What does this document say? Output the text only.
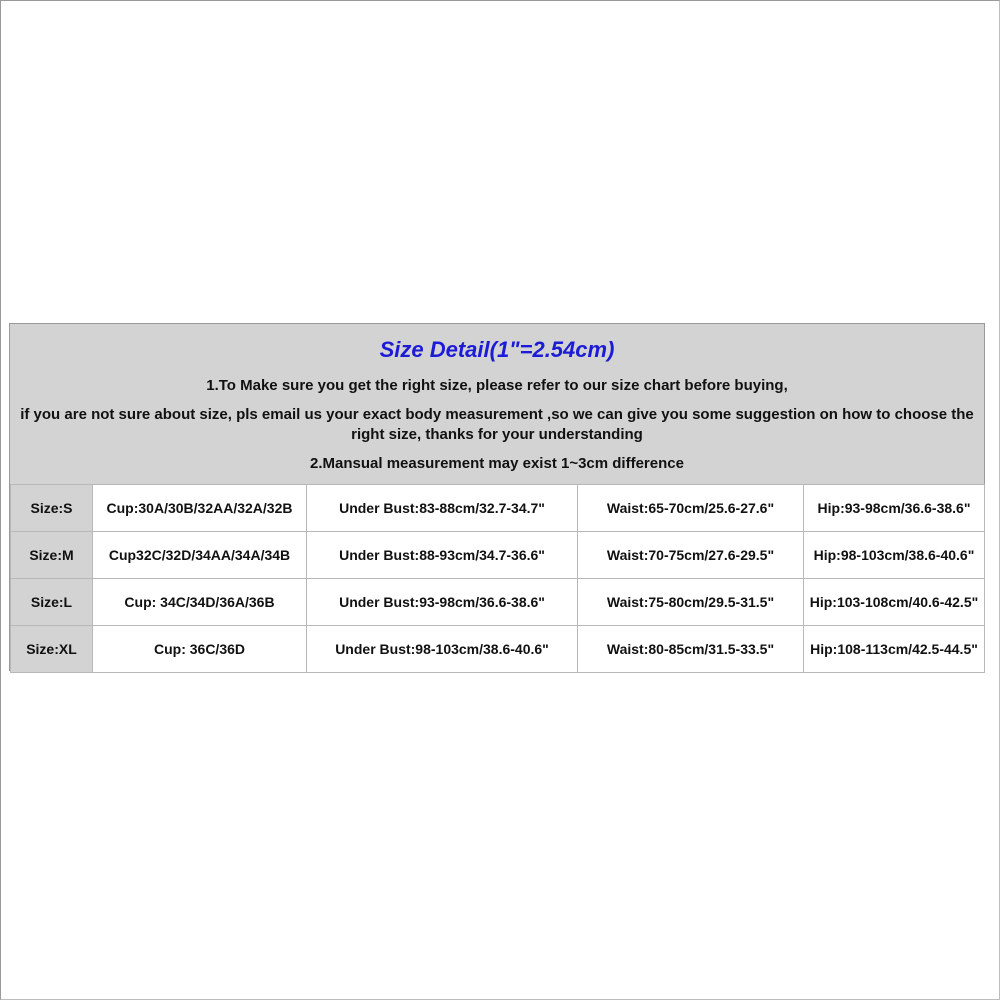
Size Detail(1"=2.54cm)
1.To Make sure you get the right size, please refer to our size chart before buying,
if you are not sure about size, pls email us your exact body measurement ,so we can give you some suggestion on how to choose the right size, thanks for your understanding
2.Mansual measurement may exist 1~3cm difference
Size:S	Cup:30A/30B/32AA/32A/32B	Under Bust:83-88cm/32.7-34.7"	Waist:65-70cm/25.6-27.6"	Hip:93-98cm/36.6-38.6"
Size:M	Cup32C/32D/34AA/34A/34B	Under Bust:88-93cm/34.7-36.6"	Waist:70-75cm/27.6-29.5"	Hip:98-103cm/38.6-40.6"
Size:L	Cup: 34C/34D/36A/36B	Under Bust:93-98cm/36.6-38.6"	Waist:75-80cm/29.5-31.5"	Hip:103-108cm/40.6-42.5"
Size:XL	Cup: 36C/36D	Under Bust:98-103cm/38.6-40.6"	Waist:80-85cm/31.5-33.5"	Hip:108-113cm/42.5-44.5"
